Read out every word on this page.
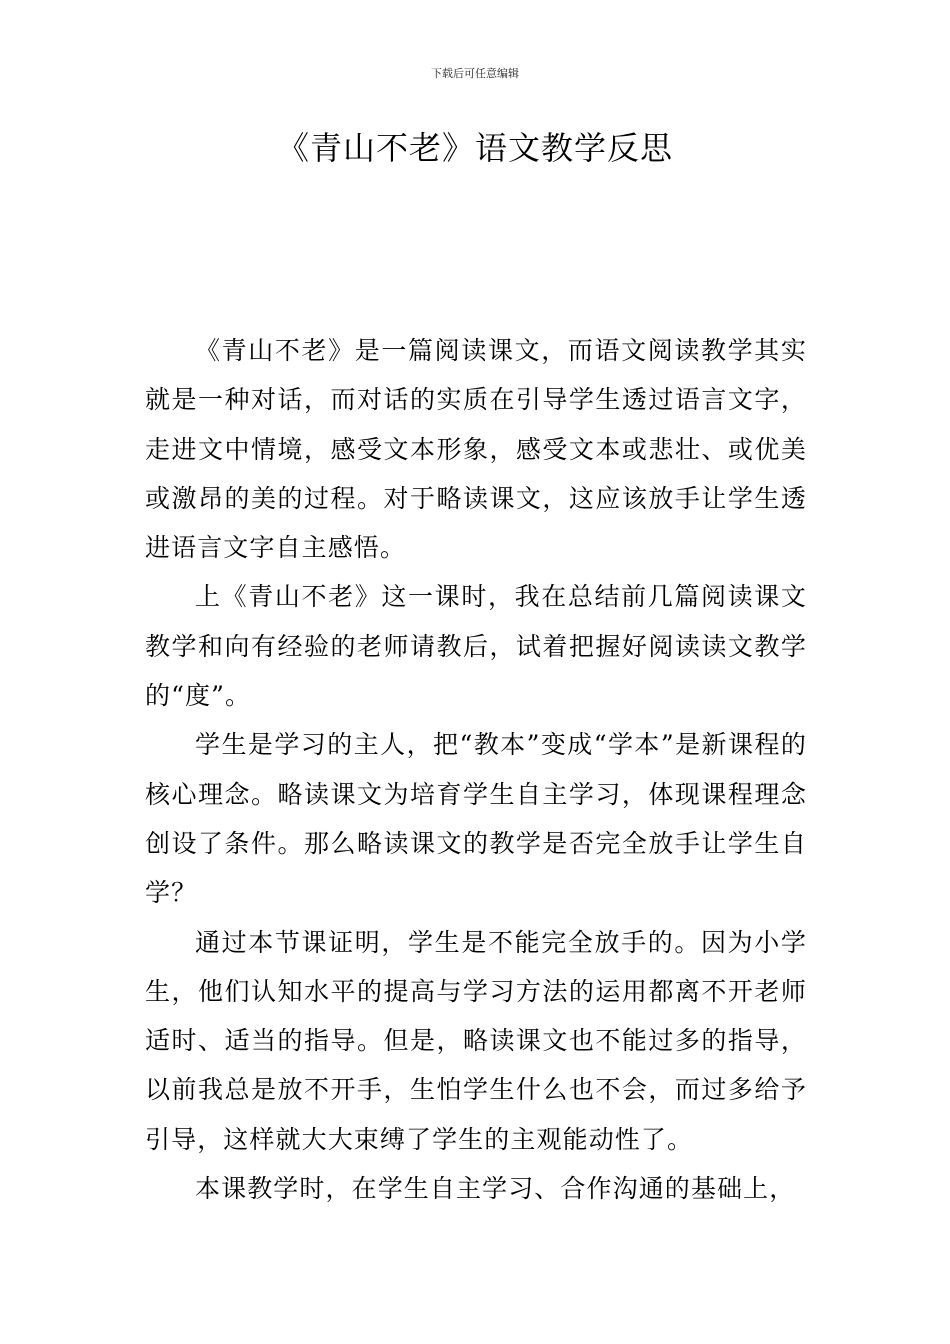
下载后可任意编辑
《青山不老》语文教学反思

《青山不老》是一篇阅读课文，而语文阅读教学其实就是一种对话，而对话的实质在引导学生透过语言文字，走进文中情境，感受文本形象，感受文本或悲壮、或优美或激昂的美的过程。对于略读课文，这应该放手让学生透进语言文字自主感悟。

上《青山不老》这一课时，我在总结前几篇阅读课文教学和向有经验的老师请教后，试着把握好阅读读文教学的“度”。

学生是学习的主人，把“教本”变成“学本”是新课程的核心理念。略读课文为培育学生自主学习，体现课程理念创设了条件。那么略读课文的教学是否完全放手让学生自学？

通过本节课证明，学生是不能完全放手的。因为小学生，他们认知水平的提高与学习方法的运用都离不开老师适时、适当的指导。但是，略读课文也不能过多的指导，以前我总是放不开手，生怕学生什么也不会，而过多给予引导，这样就大大束缚了学生的主观能动性了。

本课教学时，在学生自主学习、合作沟通的基础上，
